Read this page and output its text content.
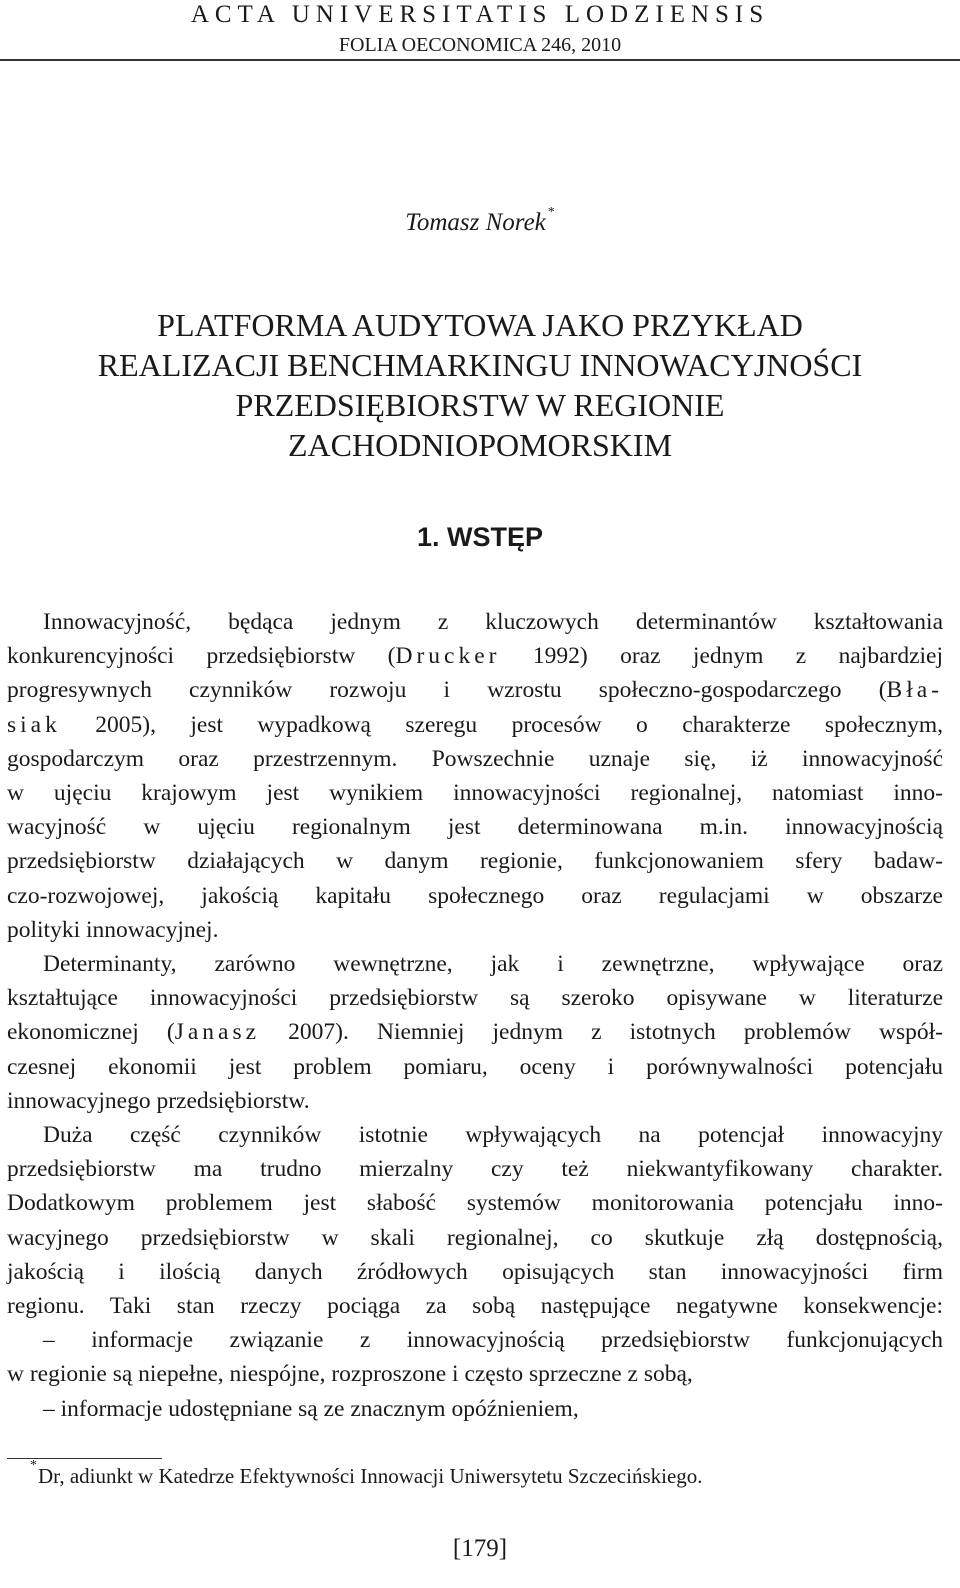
ACTA UNIVERSITATIS LODZIENSIS
FOLIA OECONOMICA 246, 2010
Tomasz Norek *
PLATFORMA AUDYTOWA JAKO PRZYKŁAD
REALIZACJI BENCHMARKINGU INNOWACYJNOŚCI
PRZEDSIĘBIORSTW W REGIONIE
ZACHODNIOPOMORSKIM
1. WSTĘP

Innowacyjność, będąca jednym z kluczowych determinantów kształtowania

konkurencyjności przedsiębiorstw (Drucker 1992) oraz jednym z najbardziej

progresywnych czynników rozwoju i wzrostu społeczno-gospodarczego (Bła-

siak 2005), jest wypadkową szeregu procesów o charakterze społecznym,

gospodarczym oraz przestrzennym. Powszechnie uznaje się, iż innowacyjność

w ujęciu krajowym jest wynikiem innowacyjności regionalnej, natomiast inno-

wacyjność w ujęciu regionalnym jest determinowana m.in. innowacyjnością

przedsiębiorstw działających w danym regionie, funkcjonowaniem sfery badaw-

czo-rozwojowej, jakością kapitału społecznego oraz regulacjami w obszarze

polityki innowacyjnej.

Determinanty, zarówno wewnętrzne, jak i zewnętrzne, wpływające oraz

kształtujące innowacyjności przedsiębiorstw są szeroko opisywane w literaturze

ekonomicznej (Janasz 2007). Niemniej jednym z istotnych problemów współ-

czesnej ekonomii jest problem pomiaru, oceny i porównywalności potencjału

innowacyjnego przedsiębiorstw.

Duża część czynników istotnie wpływających na potencjał innowacyjny

przedsiębiorstw ma trudno mierzalny czy też niekwantyfikowany charakter.

Dodatkowym problemem jest słabość systemów monitorowania potencjału inno-

wacyjnego przedsiębiorstw w skali regionalnej, co skutkuje złą dostępnością,

jakością i ilością danych źródłowych opisujących stan innowacyjności firm

regionu. Taki stan rzeczy pociąga za sobą następujące negatywne konsekwencje:

– informacje związanie z innowacyjnością przedsiębiorstw funkcjonujących

w regionie są niepełne, niespójne, rozproszone i często sprzeczne z sobą,

– informacje udostępniane są ze znacznym opóźnieniem,

* Dr, adiunkt w Katedrze Efektywności Innowacji Uniwersytetu Szczecińskiego.
[179]
